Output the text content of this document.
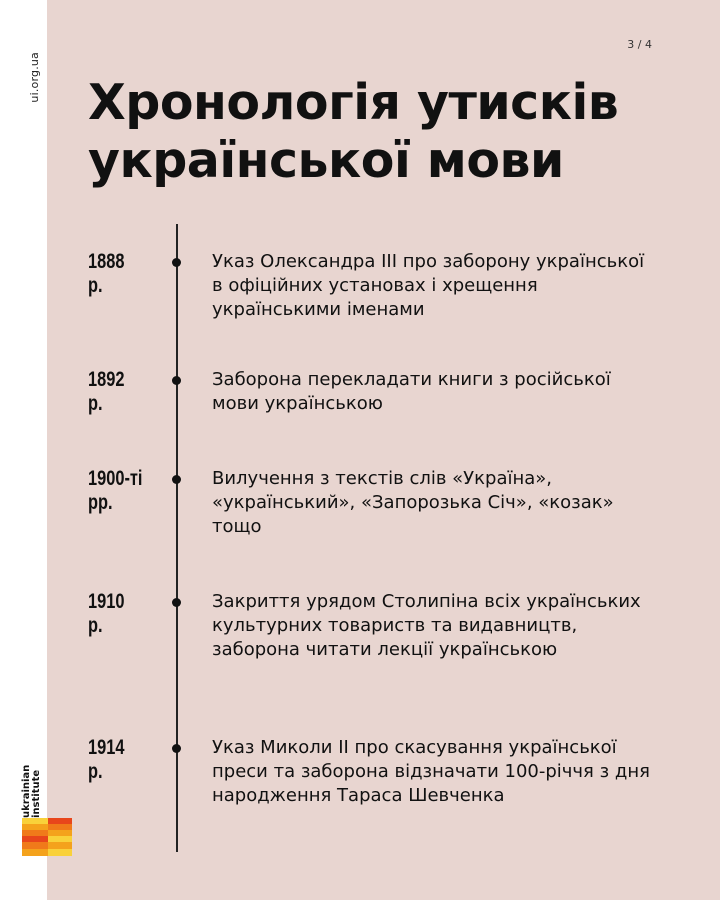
ui.org.ua
ukrainian institute
3 / 4
Хронологія утисків української мови
1888 р.
Указ Олександра III про заборону української в офіційних установах і хрещення українськими іменами
1892 р.
Заборона перекладати книги з російської мови українською
1900-ті рр.
Вилучення з текстів слів «Україна», «український», «Запорозька Січ», «козак» тощо
1910 р.
Закриття урядом Столипіна всіх українських культурних товариств та видавництв, заборона читати лекції українською
1914 р.
Указ Миколи II про скасування української преси та заборона відзначати 100-річчя з дня народження Тараса Шевченка
